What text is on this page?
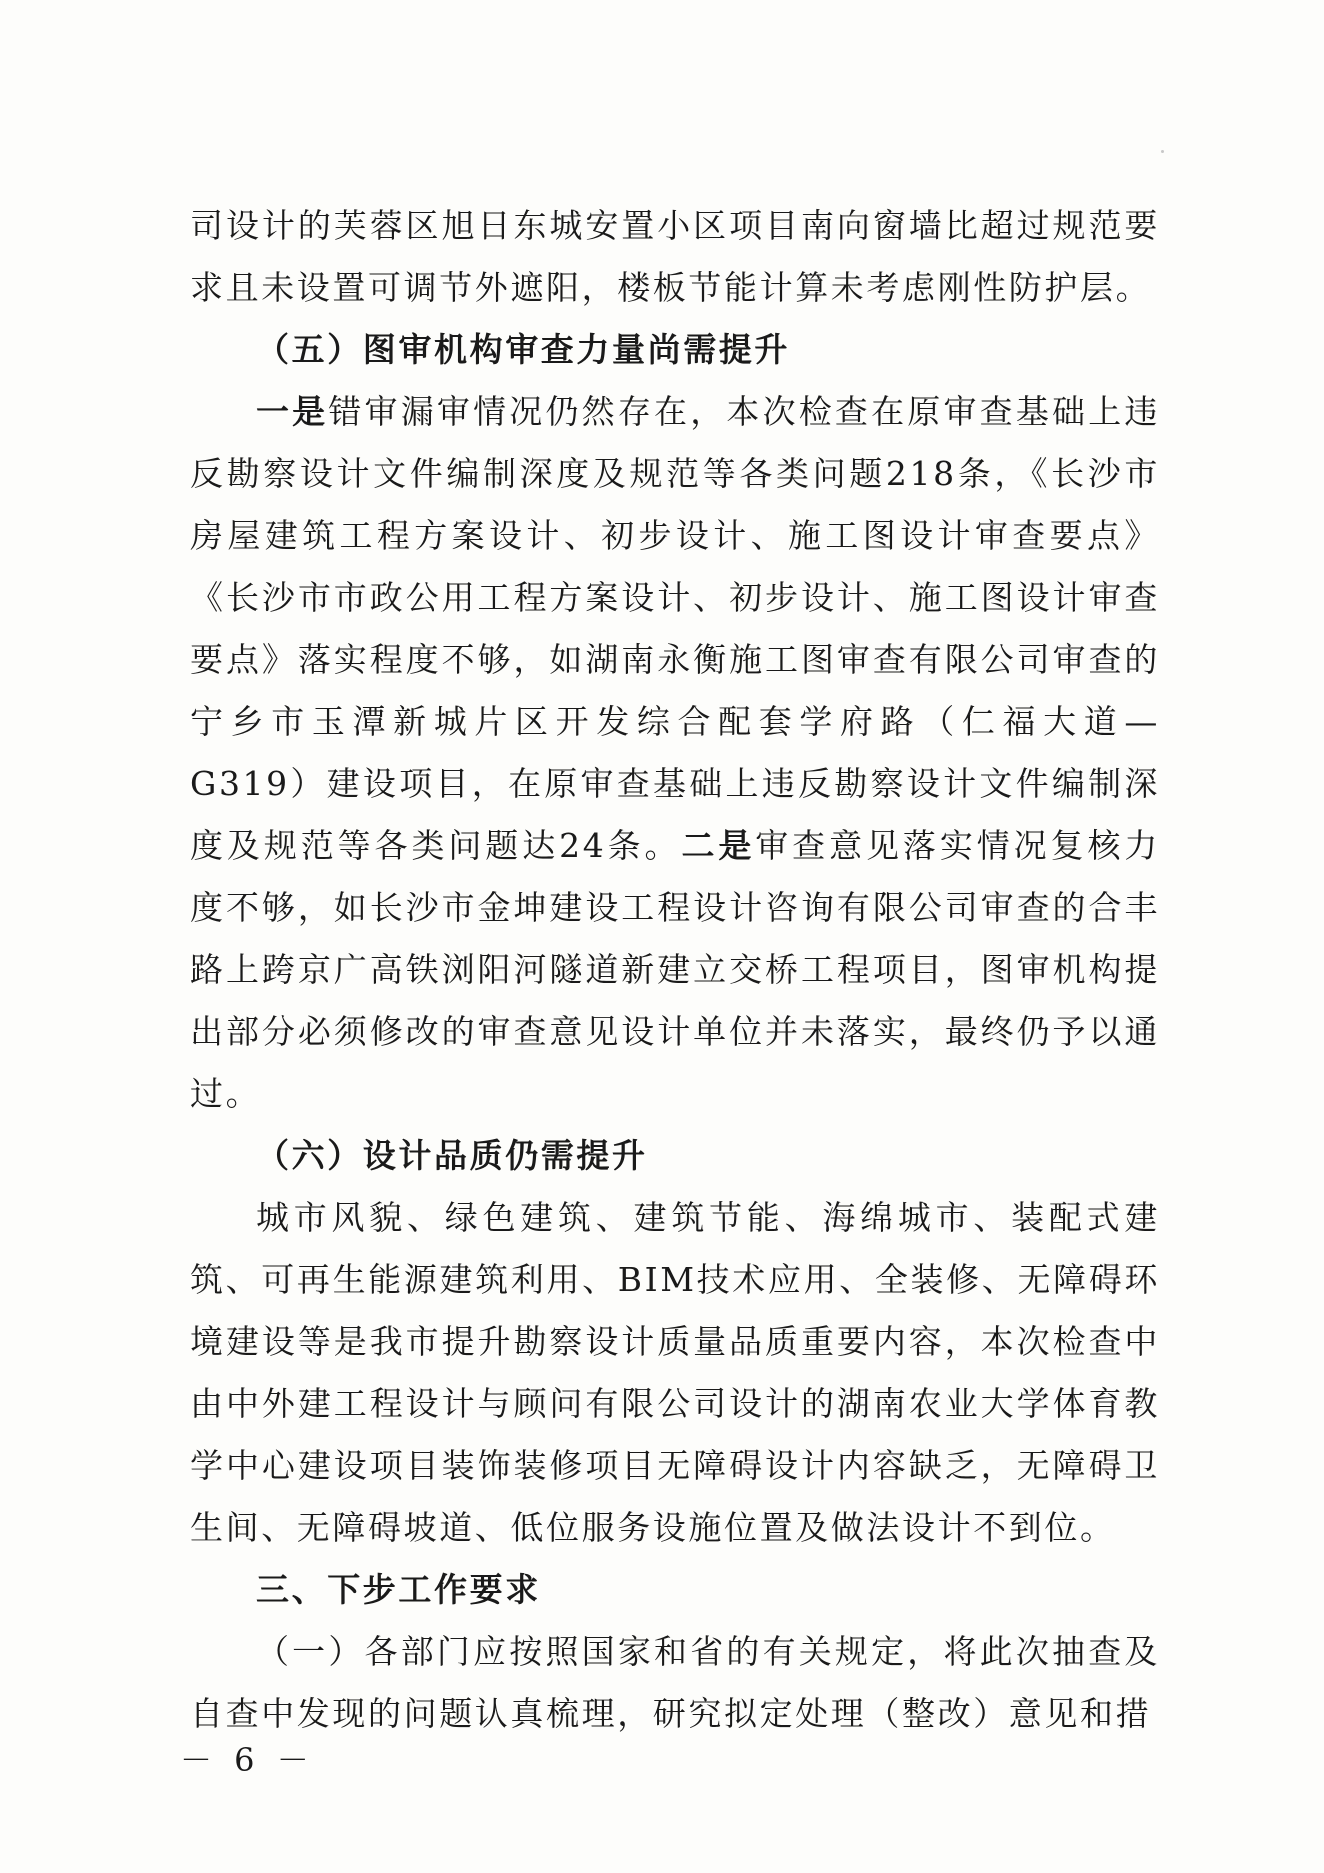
司设计的芙蓉区旭日东城安置小区项目南向窗墙比超过规范要求且未设置可调节外遮阳，楼板节能计算未考虑刚性防护层。

（五）图审机构审查力量尚需提升

一是错审漏审情况仍然存在，本次检查在原审查基础上违反勘察设计文件编制深度及规范等各类问题218条，《长沙市房屋建筑工程方案设计、初步设计、施工图设计审查要点》《长沙市市政公用工程方案设计、初步设计、施工图设计审查要点》落实程度不够，如湖南永衡施工图审查有限公司审查的宁乡市玉潭新城片区开发综合配套学府路（仁福大道—G319）建设项目，在原审查基础上违反勘察设计文件编制深度及规范等各类问题达24条。二是审查意见落实情况复核力度不够，如长沙市金坤建设工程设计咨询有限公司审查的合丰路上跨京广高铁浏阳河隧道新建立交桥工程项目，图审机构提出部分必须修改的审查意见设计单位并未落实，最终仍予以通过。

（六）设计品质仍需提升

城市风貌、绿色建筑、建筑节能、海绵城市、装配式建筑、可再生能源建筑利用、BIM技术应用、全装修、无障碍环境建设等是我市提升勘察设计质量品质重要内容，本次检查中由中外建工程设计与顾问有限公司设计的湖南农业大学体育教学中心建设项目装饰装修项目无障碍设计内容缺乏，无障碍卫生间、无障碍坡道、低位服务设施位置及做法设计不到位。

三、下步工作要求

（一）各部门应按照国家和省的有关规定，将此次抽查及自查中发现的问题认真梳理，研究拟定处理（整改）意见和措

－ 6 －
